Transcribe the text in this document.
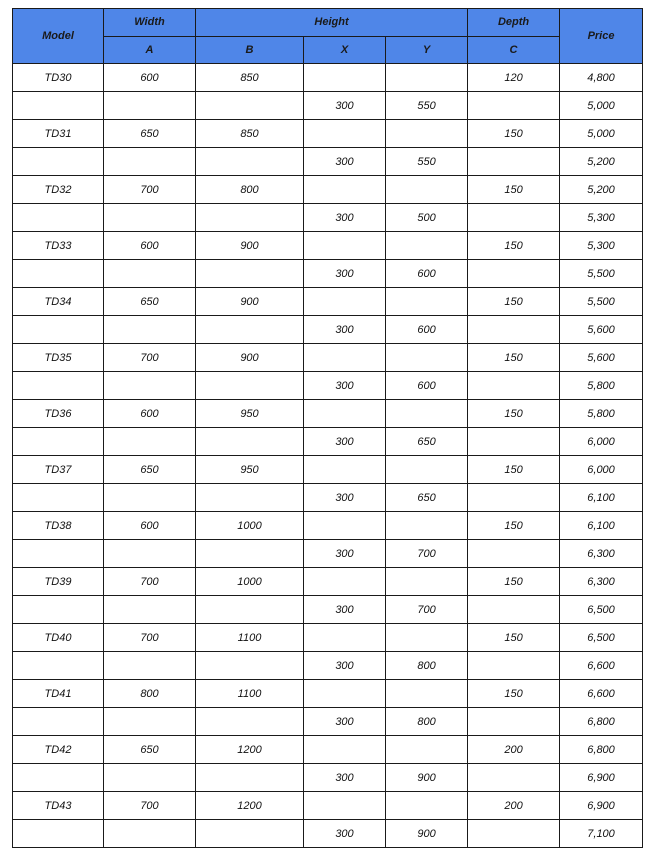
Model	Width	Height			Depth	Price
	A	B	X	Y	C	
TD30	600	850			120	4,800
			300	550		5,000
TD31	650	850			150	5,000
			300	550		5,200
TD32	700	800			150	5,200
			300	500		5,300
TD33	600	900			150	5,300
			300	600		5,500
TD34	650	900			150	5,500
			300	600		5,600
TD35	700	900			150	5,600
			300	600		5,800
TD36	600	950			150	5,800
			300	650		6,000
TD37	650	950			150	6,000
			300	650		6,100
TD38	600	1000			150	6,100
			300	700		6,300
TD39	700	1000			150	6,300
			300	700		6,500
TD40	700	1100			150	6,500
			300	800		6,600
TD41	800	1100			150	6,600
			300	800		6,800
TD42	650	1200			200	6,800
			300	900		6,900
TD43	700	1200			200	6,900
			300	900		7,100
